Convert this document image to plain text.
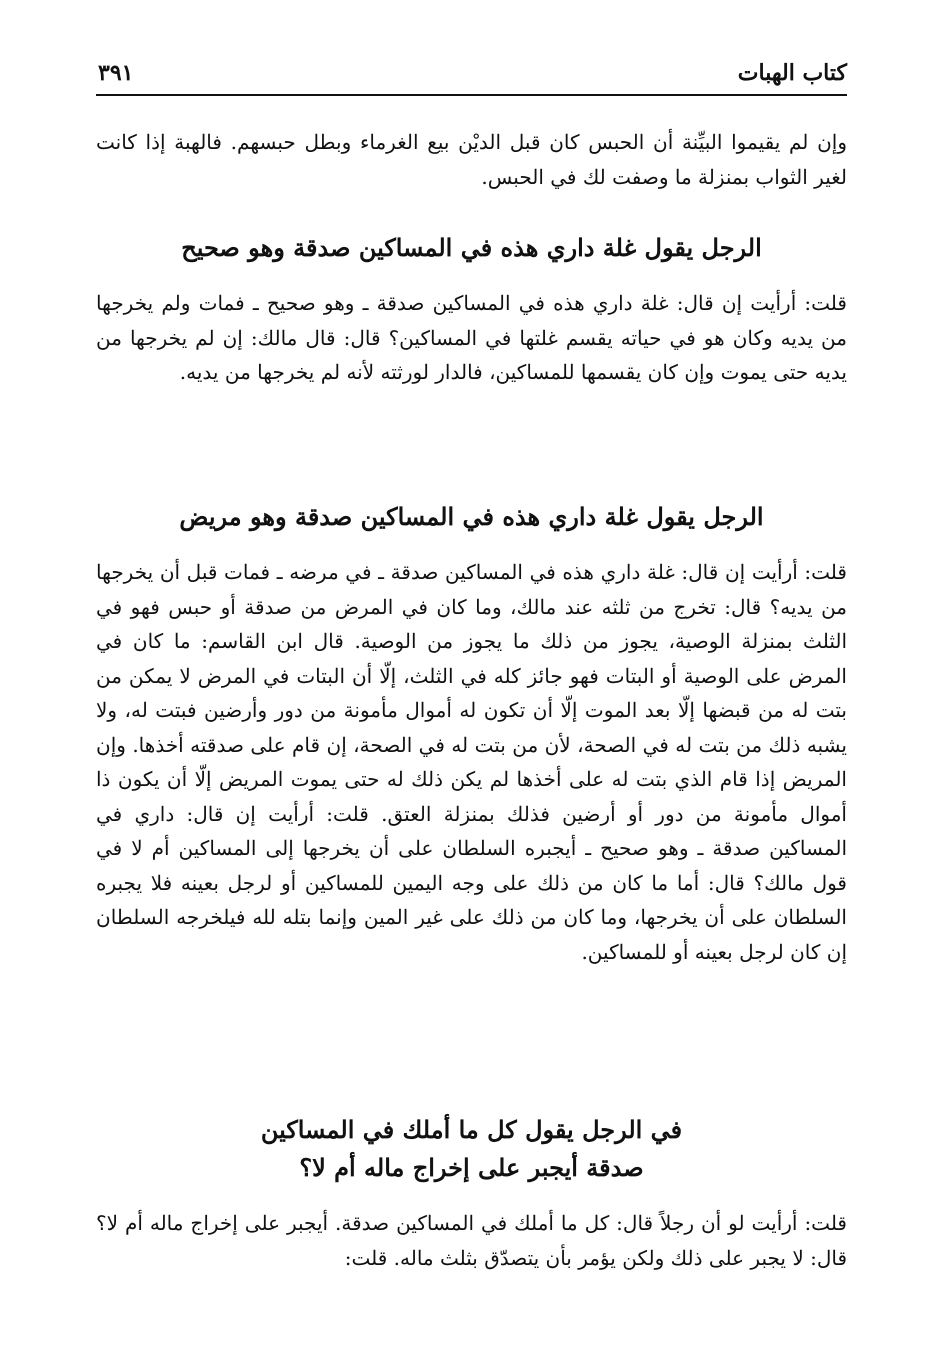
كتاب الهبات
٣٩١

وإن لم يقيموا البيِّنة أن الحبس كان قبل الديْن بيع الغرماء وبطل حبسهم. فالهبة إذا كانت لغير الثواب بمنزلة ما وصفت لك في الحبس.

الرجل يقول غلة داري هذه في المساكين صدقة وهو صحيح

قلت: أرأيت إن قال: غلة داري هذه في المساكين صدقة ـ وهو صحيح ـ فمات ولم يخرجها من يديه وكان هو في حياته يقسم غلتها في المساكين؟ قال: قال مالك: إن لم يخرجها من يديه حتى يموت وإن كان يقسمها للمساكين، فالدار لورثته لأنه لم يخرجها من يديه.

الرجل يقول غلة داري هذه في المساكين صدقة وهو مريض

قلت: أرأيت إن قال: غلة داري هذه في المساكين صدقة ـ في مرضه ـ فمات قبل أن يخرجها من يديه؟ قال: تخرج من ثلثه عند مالك، وما كان في المرض من صدقة أو حبس فهو في الثلث بمنزلة الوصية، يجوز من ذلك ما يجوز من الوصية. قال ابن القاسم: ما كان في المرض على الوصية أو البتات فهو جائز كله في الثلث، إلّا أن البتات في المرض لا يمكن من بتت له من قبضها إلّا بعد الموت إلّا أن تكون له أموال مأمونة من دور وأرضين فبتت له، ولا يشبه ذلك من بتت له في الصحة، لأن من بتت له في الصحة، إن قام على صدقته أخذها. وإن المريض إذا قام الذي بتت له على أخذها لم يكن ذلك له حتى يموت المريض إلّا أن يكون ذا أموال مأمونة من دور أو أرضين فذلك بمنزلة العتق. قلت: أرأيت إن قال: داري في المساكين صدقة ـ وهو صحيح ـ أيجبره السلطان على أن يخرجها إلى المساكين أم لا في قول مالك؟ قال: أما ما كان من ذلك على وجه اليمين للمساكين أو لرجل بعينه فلا يجبره السلطان على أن يخرجها، وما كان من ذلك على غير المين وإنما بتله لله فيلخرجه السلطان إن كان لرجل بعينه أو للمساكين.

في الرجل يقول كل ما أملك في المساكين
صدقة أيجبر على إخراج ماله أم لا؟

قلت: أرأيت لو أن رجلاً قال: كل ما أملك في المساكين صدقة. أيجبر على إخراج ماله أم لا؟ قال: لا يجبر على ذلك ولكن يؤمر بأن يتصدّق بثلث ماله. قلت:
